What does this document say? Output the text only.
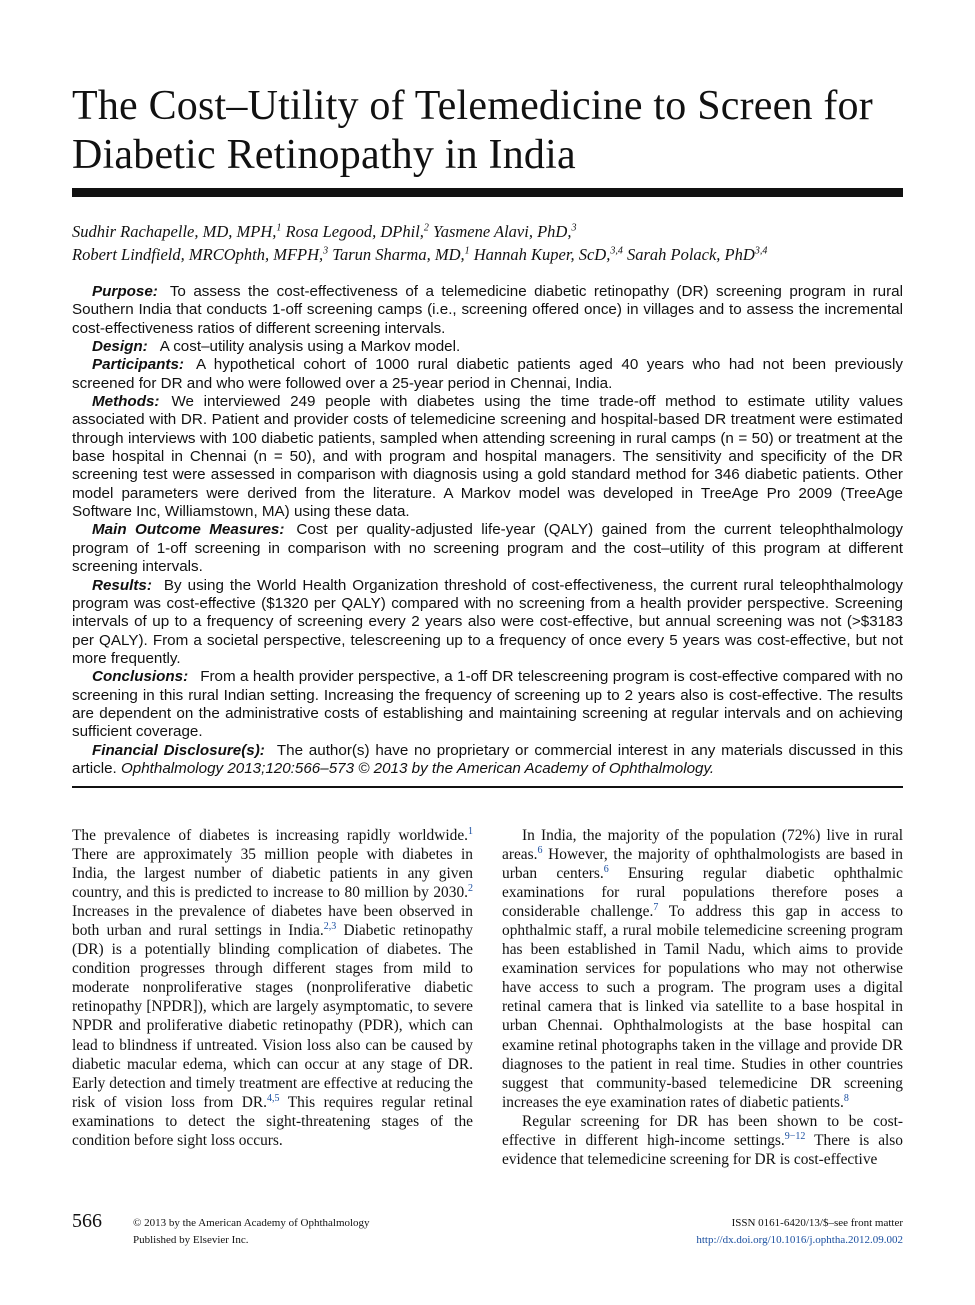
The Cost–Utility of Telemedicine to Screen for Diabetic Retinopathy in India
Sudhir Rachapelle, MD, MPH,$^1$ Rosa Legood, DPhil,$^2$ Yasmene Alavi, PhD,$^3$
Robert Lindfield, MRCOphth, MFPH,$^3$ Tarun Sharma, MD,$^1$ Hannah Kuper, ScD,$^{3,4}$ Sarah Polack, PhD$^{3,4}$

Purpose: To assess the cost-effectiveness of a telemedicine diabetic retinopathy (DR) screening program in rural Southern India that conducts 1-off screening camps (i.e., screening offered once) in villages and to assess the incremental cost-effectiveness ratios of different screening intervals.

Design: A cost–utility analysis using a Markov model.

Participants: A hypothetical cohort of 1000 rural diabetic patients aged 40 years who had not been previously screened for DR and who were followed over a 25-year period in Chennai, India.

Methods: We interviewed 249 people with diabetes using the time trade-off method to estimate utility values associated with DR. Patient and provider costs of telemedicine screening and hospital-based DR treatment were estimated through interviews with 100 diabetic patients, sampled when attending screening in rural camps (n = 50) or treatment at the base hospital in Chennai (n = 50), and with program and hospital managers. The sensitivity and specificity of the DR screening test were assessed in comparison with diagnosis using a gold standard method for 346 diabetic patients. Other model parameters were derived from the literature. A Markov model was developed in TreeAge Pro 2009 (TreeAge Software Inc, Williamstown, MA) using these data.

Main Outcome Measures: Cost per quality-adjusted life-year (QALY) gained from the current teleophthalmology program of 1-off screening in comparison with no screening program and the cost–utility of this program at different screening intervals.

Results: By using the World Health Organization threshold of cost-effectiveness, the current rural teleophthalmology program was cost-effective ($1320 per QALY) compared with no screening from a health provider perspective. Screening intervals of up to a frequency of screening every 2 years also were cost-effective, but annual screening was not (>$3183 per QALY). From a societal perspective, telescreening up to a frequency of once every 5 years was cost-effective, but not more frequently.

Conclusions: From a health provider perspective, a 1-off DR telescreening program is cost-effective compared with no screening in this rural Indian setting. Increasing the frequency of screening up to 2 years also is cost-effective. The results are dependent on the administrative costs of establishing and maintaining screening at regular intervals and on achieving sufficient coverage.

Financial Disclosure(s): The author(s) have no proprietary or commercial interest in any materials discussed in this article. Ophthalmology 2013;120:566–573 © 2013 by the American Academy of Ophthalmology.

The prevalence of diabetes is increasing rapidly worldwide.$^1$ There are approximately 35 million people with diabetes in India, the largest number of diabetic patients in any given country, and this is predicted to increase to 80 million by 2030.$^2$ Increases in the prevalence of diabetes have been observed in both urban and rural settings in India.$^{2,3}$ Diabetic retinopathy (DR) is a potentially blinding complication of diabetes. The condition progresses through different stages from mild to moderate nonproliferative stages (nonproliferative diabetic retinopathy [NPDR]), which are largely asymptomatic, to severe NPDR and proliferative diabetic retinopathy (PDR), which can lead to blindness if untreated. Vision loss also can be caused by diabetic macular edema, which can occur at any stage of DR. Early detection and timely treatment are effective at reducing the risk of vision loss from DR.$^{4,5}$ This requires regular retinal examinations to detect the sight-threatening stages of the condition before sight loss occurs.

In India, the majority of the population (72%) live in rural areas.$^6$ However, the majority of ophthalmologists are based in urban centers.$^6$ Ensuring regular diabetic ophthalmic examinations for rural populations therefore poses a considerable challenge.$^7$ To address this gap in access to ophthalmic staff, a rural mobile telemedicine screening program has been established in Tamil Nadu, which aims to provide examination services for populations who may not otherwise have access to such a program. The program uses a digital retinal camera that is linked via satellite to a base hospital in urban Chennai. Ophthalmologists at the base hospital can examine retinal photographs taken in the village and provide DR diagnoses to the patient in real time. Studies in other countries suggest that community-based telemedicine DR screening increases the eye examination rates of diabetic patients.$^8$

Regular screening for DR has been shown to be cost-effective in different high-income settings.$^{9-12}$ There is also evidence that telemedicine screening for DR is cost-effective

566	© 2013 by the American Academy of Ophthalmology
Published by Elsevier Inc.
ISSN 0161-6420/13/$–see front matter
http://dx.doi.org/10.1016/j.ophtha.2012.09.002
